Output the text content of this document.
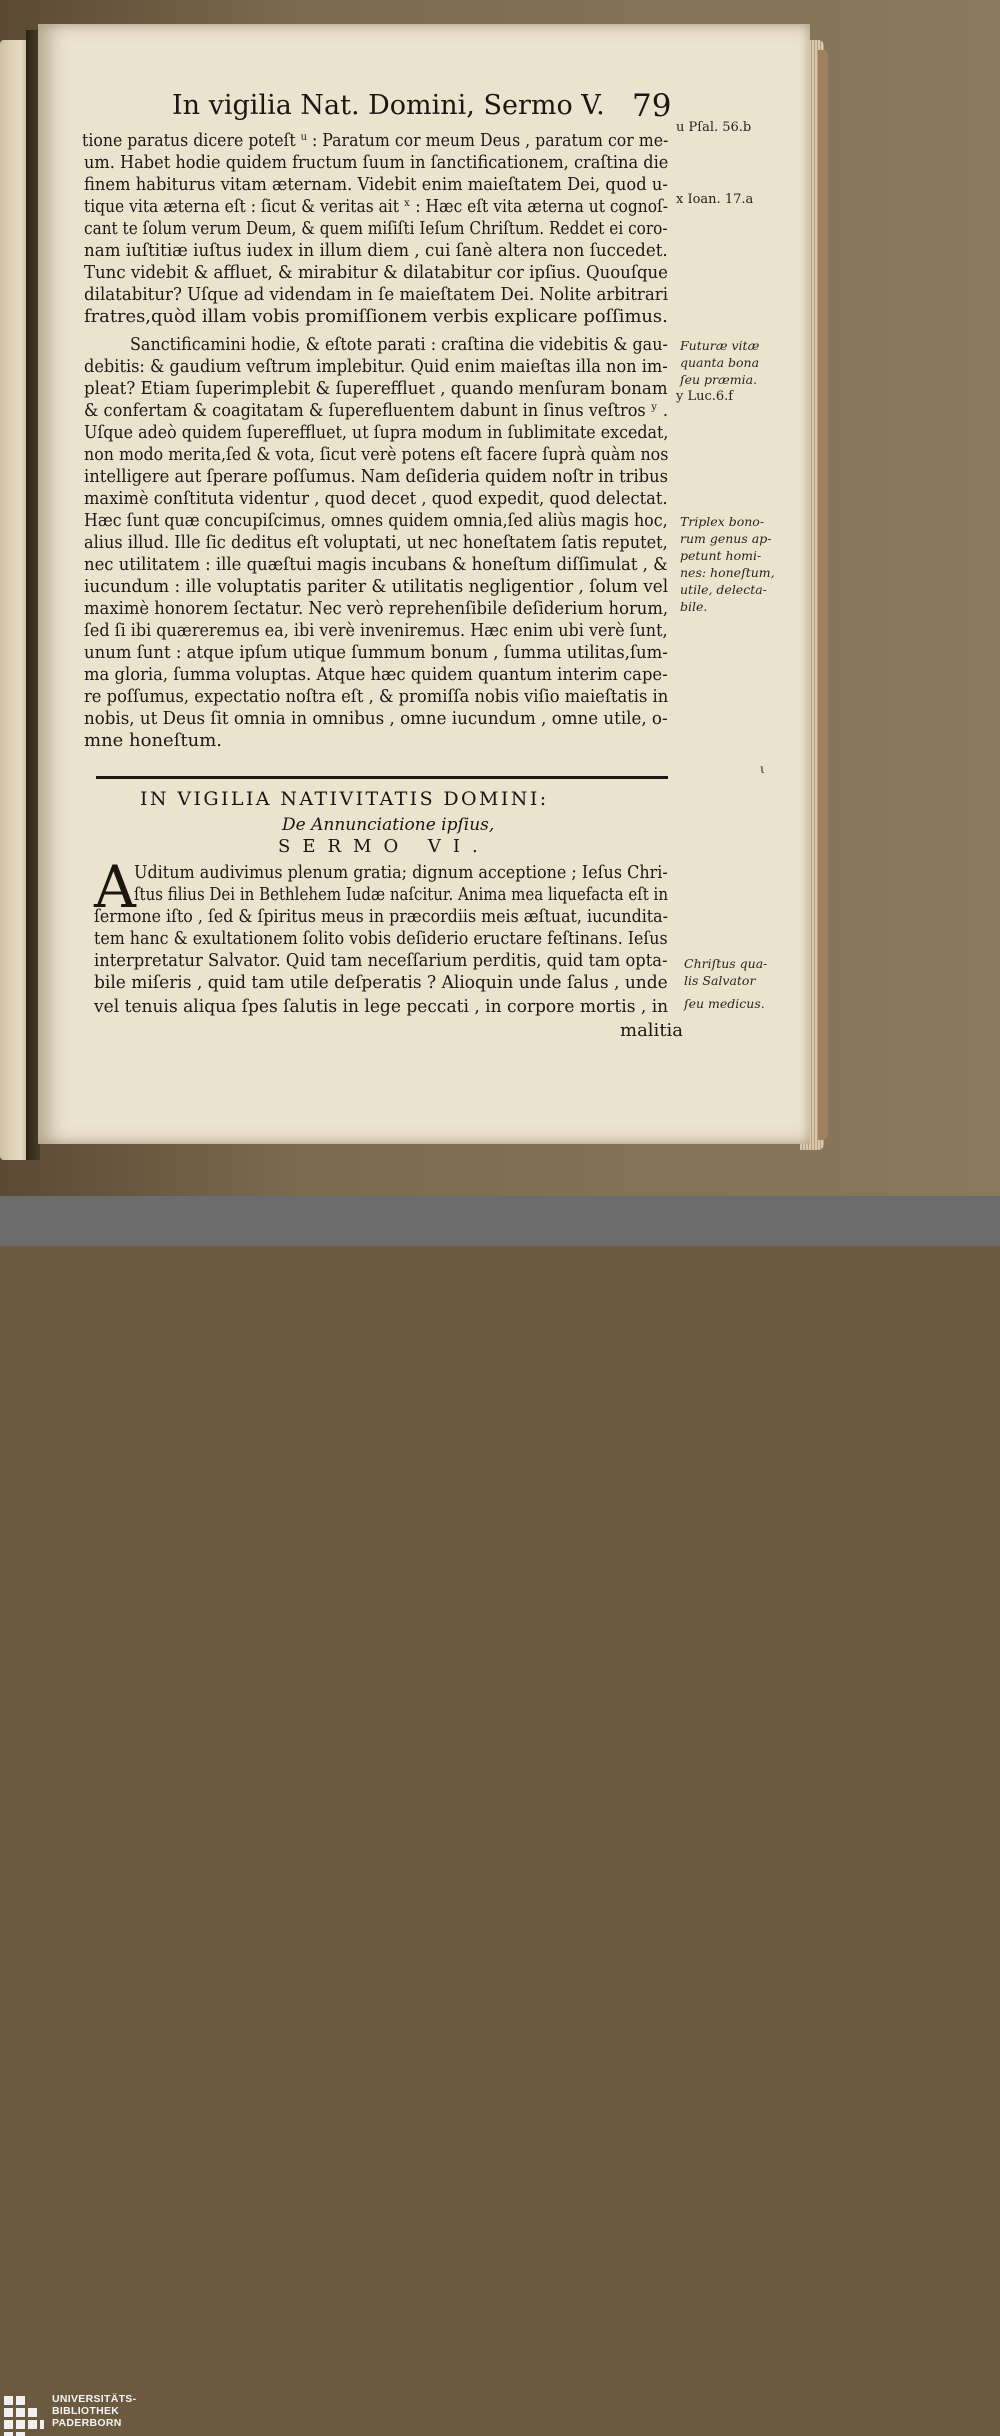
In vigilia Nat. Domini, Sermo V. 79
tione paratus dicere poteſt ᵘ : Paratum cor meum Deus , paratum cor me-
um. Habet hodie quidem fructum ſuum in ſanctificationem, craſtina die
finem habiturus vitam æternam. Videbit enim maieſtatem Dei, quod u-
tique vita æterna eſt : ſicut & veritas ait ˣ : Hæc eſt vita æterna ut cognoſ-
cant te ſolum verum Deum, & quem miſiſti Ieſum Chriſtum. Reddet ei coro-
nam iuſtitiæ iuſtus iudex in illum diem , cui ſanè altera non ſuccedet.
Tunc videbit & affluet, & mirabitur & dilatabitur cor ipſius. Quouſque
dilatabitur? Uſque ad videndam in ſe maieſtatem Dei. Nolite arbitrari
fratres,quòd illam vobis promiſſionem verbis explicare poſſimus.
Sanctificamini hodie, & eſtote parati : craſtina die videbitis & gau-
debitis: & gaudium veſtrum implebitur. Quid enim maieſtas illa non im-
pleat? Etiam ſuperimplebit & ſupereffluet , quando menſuram bonam
& confertam & coagitatam & ſuperefluentem dabunt in ſinus veſtros ʸ .
Uſque adeò quidem ſupereffluet, ut ſupra modum in ſublimitate excedat,
non modo merita,ſed & vota, ſicut verè potens eſt facere ſuprà quàm nos
intelligere aut ſperare poſſumus. Nam deſideria quidem noſtr in tribus
maximè conſtituta videntur , quod decet , quod expedit, quod delectat.
Hæc ſunt quæ concupiſcimus, omnes quidem omnia,ſed aliùs magis hoc,
alius illud. Ille ſic deditus eſt voluptati, ut nec honeſtatem ſatis reputet,
nec utilitatem : ille quæſtui magis incubans & honeſtum diſſimulat , &
iucundum : ille voluptatis pariter & utilitatis negligentior , ſolum vel
maximè honorem ſectatur. Nec verò reprehenſibile deſiderium horum,
ſed ſi ibi quæreremus ea, ibi verè inveniremus. Hæc enim ubi verè ſunt,
unum ſunt : atque ipſum utique ſummum bonum , ſumma utilitas,ſum-
ma gloria, ſumma voluptas. Atque hæc quidem quantum interim cape-
re poſſumus, expectatio noſtra eſt , & promiſſa nobis viſio maieſtatis in
nobis, ut Deus ſit omnia in omnibus , omne iucundum , omne utile, o-
mne honeſtum.
IN VIGILIA NATIVITATIS DOMINI:
De Annunciatione ipſius,
SERMO VI.
A
Uditum audivimus plenum gratia; dignum acceptione ; Ieſus Chri-
ſtus filius Dei in Bethlehem Iudæ naſcitur. Anima mea liquefacta eſt in
ſermone iſto , ſed & ſpiritus meus in præcordiis meis æſtuat, iucundita-
tem hanc & exultationem ſolito vobis deſiderio eructare feſtinans. Ieſus
interpretatur Salvator. Quid tam neceſſarium perditis, quid tam opta-
bile miſeris , quid tam utile deſperatis ? Alioquin unde ſalus , unde
vel tenuis aliqua ſpes ſalutis in lege peccati , in corpore mortis , in
malitia
u Pſal. 56.b
x Ioan. 17.a
Futuræ vitæ
quanta bona
ſeu præmia.
y Luc.6.f
Triplex bono-
rum genus ap-
petunt homi-
nes: honeſtum,
utile, delecta-
bile.
Chriſtus qua-
lis Salvator
ſeu medicus.
ι
UNIVERSITÄTS-
BIBLIOTHEK
PADERBORN
